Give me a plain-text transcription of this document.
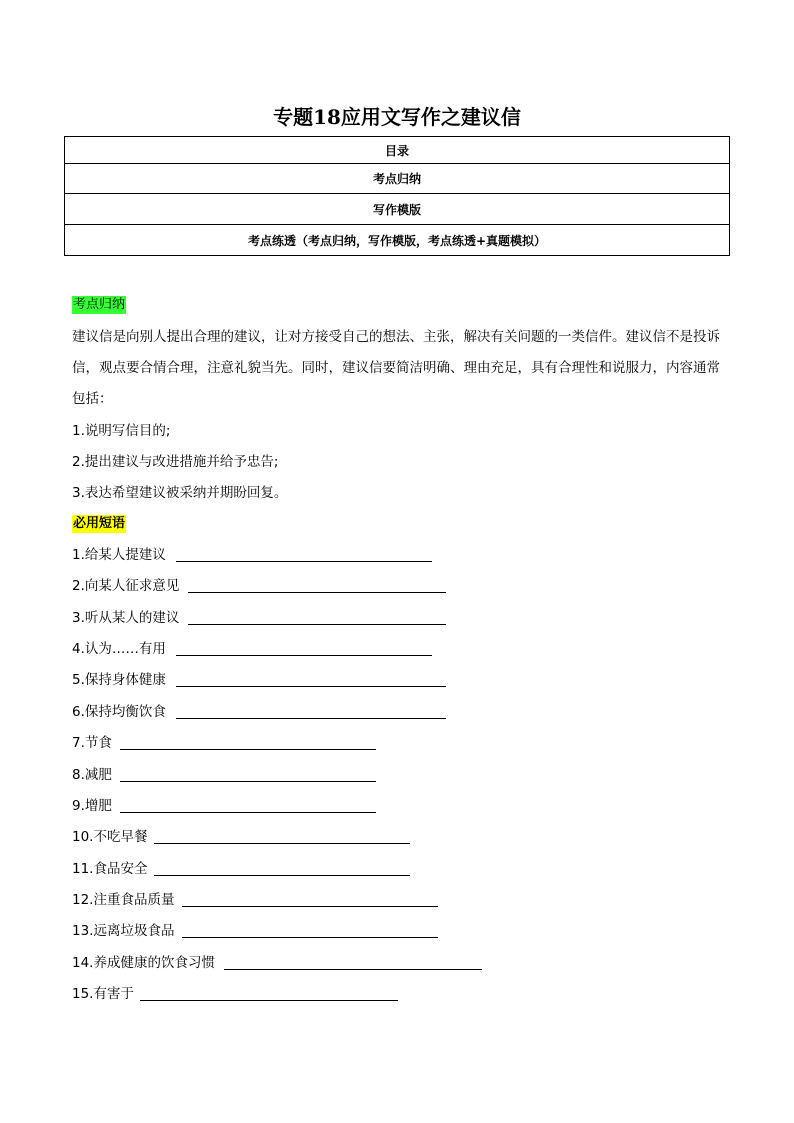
专题18应用文写作之建议信
目录
考点归纳
写作模版
考点练透（考点归纳，写作模版，考点练透+真题模拟）
考点归纳

建议信是向别人提出合理的建议，让对方接受自己的想法、主张，解决有关问题的一类信件。建议信不是投诉信，观点要合情合理，注意礼貌当先。同时，建议信要简洁明确、理由充足，具有合理性和说服力，内容通常包括：

1.说明写信目的;
2.提出建议与改进措施并给予忠告;
3.表达希望建议被采纳并期盼回复。
必用短语
1.给某人提建议
2.向某人征求意见
3.听从某人的建议
4.认为……有用
5.保持身体健康
6.保持均衡饮食
7.节食
8.减肥
9.增肥
10.不吃早餐
11.食品安全
12.注重食品质量
13.远离垃圾食品
14.养成健康的饮食习惯
15.有害于
